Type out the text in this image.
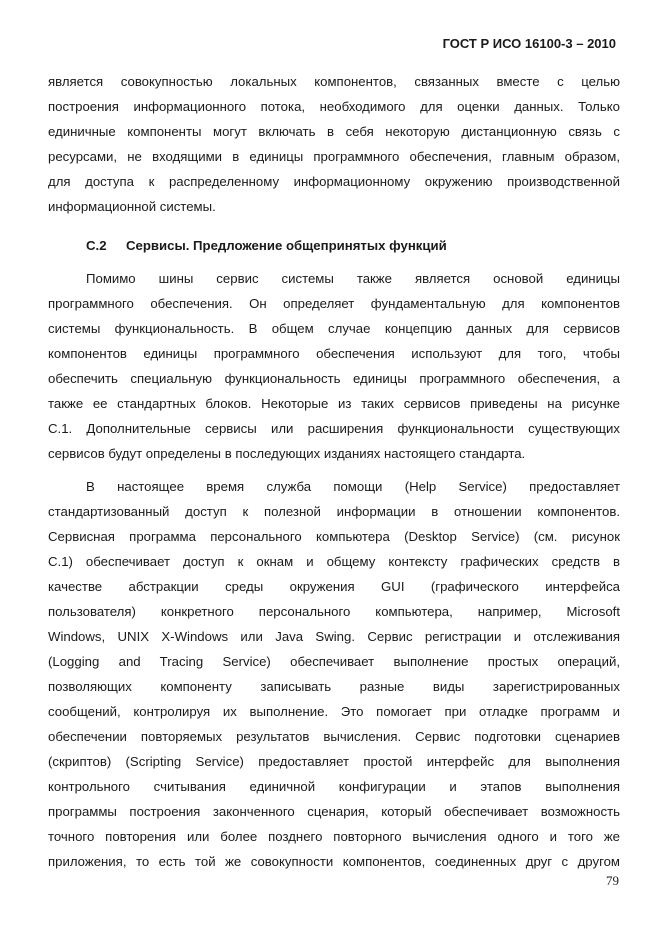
ГОСТ Р ИСО 16100-3 – 2010
является совокупностью локальных компонентов, связанных вместе с целью
построения информационного потока, необходимого для оценки данных. Только
единичные компоненты могут включать в себя некоторую дистанционную связь с
ресурсами, не входящими в единицы программного обеспечения, главным образом,
для доступа к распределенному информационному окружению производственной
информационной системы.
С.2 Сервисы. Предложение общепринятых функций
Помимо шины сервис системы также является основой единицы
программного обеспечения. Он определяет фундаментальную для компонентов
системы функциональность. В общем случае концепцию данных для сервисов
компонентов единицы программного обеспечения используют для того, чтобы
обеспечить специальную функциональность единицы программного обеспечения, а
также ее стандартных блоков. Некоторые из таких сервисов приведены на рисунке
С.1. Дополнительные сервисы или расширения функциональности существующих
сервисов будут определены в последующих изданиях настоящего стандарта.
В настоящее время служба помощи (Help Service) предоставляет
стандартизованный доступ к полезной информации в отношении компонентов.
Сервисная программа персонального компьютера (Desktop Service) (см. рисунок
С.1) обеспечивает доступ к окнам и общему контексту графических средств в
качестве абстракции среды окружения GUI (графического интерфейса
пользователя) конкретного персонального компьютера, например, Microsoft
Windows, UNIX X-Windows или Java Swing. Сервис регистрации и отслеживания
(Logging and Tracing Service) обеспечивает выполнение простых операций,
позволяющих компоненту записывать разные виды зарегистрированных
сообщений, контролируя их выполнение. Это помогает при отладке программ и
обеспечении повторяемых результатов вычисления. Сервис подготовки сценариев
(скриптов) (Scripting Service) предоставляет простой интерфейс для выполнения
контрольного считывания единичной конфигурации и этапов выполнения
программы построения законченного сценария, который обеспечивает возможность
точного повторения или более позднего повторного вычисления одного и того же
приложения, то есть той же совокупности компонентов, соединенных друг с другом
79
